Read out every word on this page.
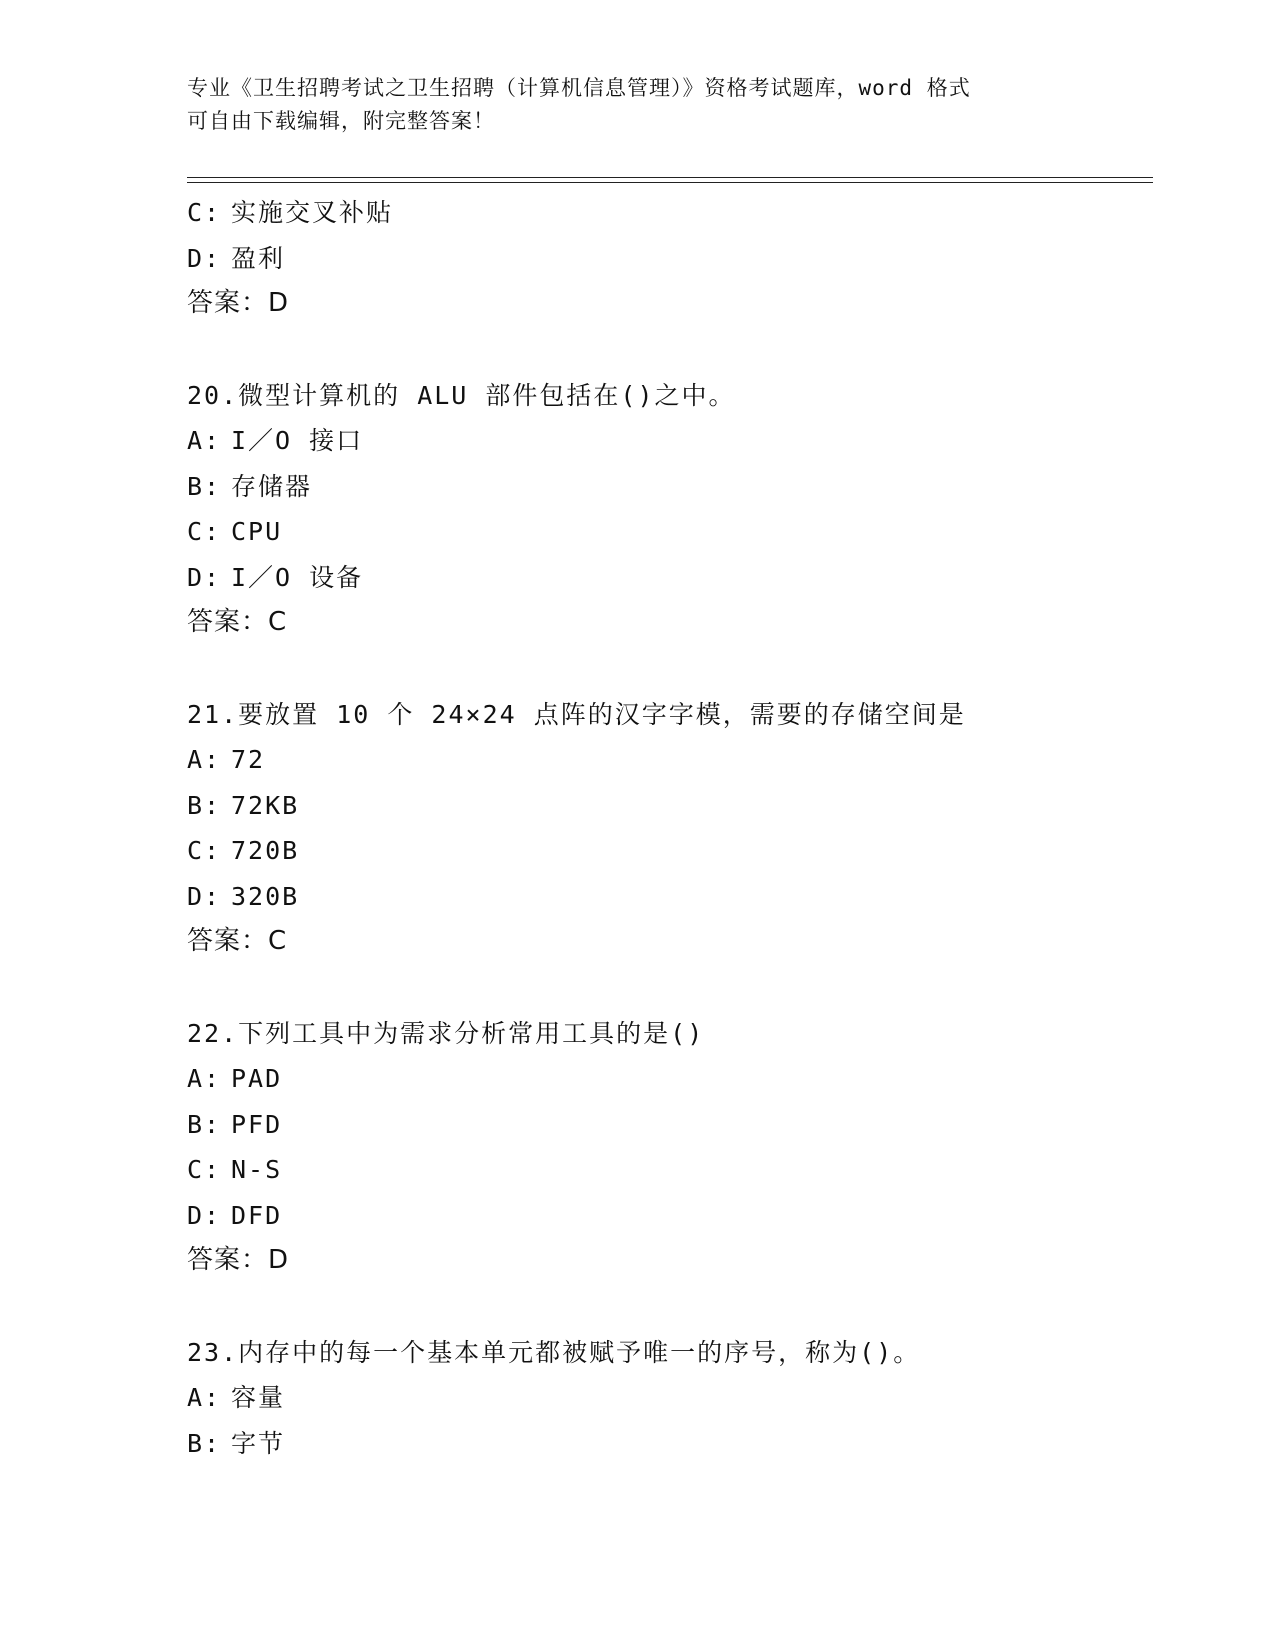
专业《卫生招聘考试之卫生招聘（计算机信息管理）》资格考试题库，word 格式
可自由下载编辑，附完整答案！
C: 实施交叉补贴
D: 盈利
答案：D
20.微型计算机的 ALU 部件包括在()之中。
A: I／O 接口
B: 存储器
C: CPU
D: I／O 设备
答案：C
21.要放置 10 个 24×24 点阵的汉字字模，需要的存储空间是
A: 72
B: 72KB
C: 720B
D: 320B
答案：C
22.下列工具中为需求分析常用工具的是()
A: PAD
B: PFD
C: N-S
D: DFD
答案：D
23.内存中的每一个基本单元都被赋予唯一的序号，称为()。
A: 容量
B: 字节
